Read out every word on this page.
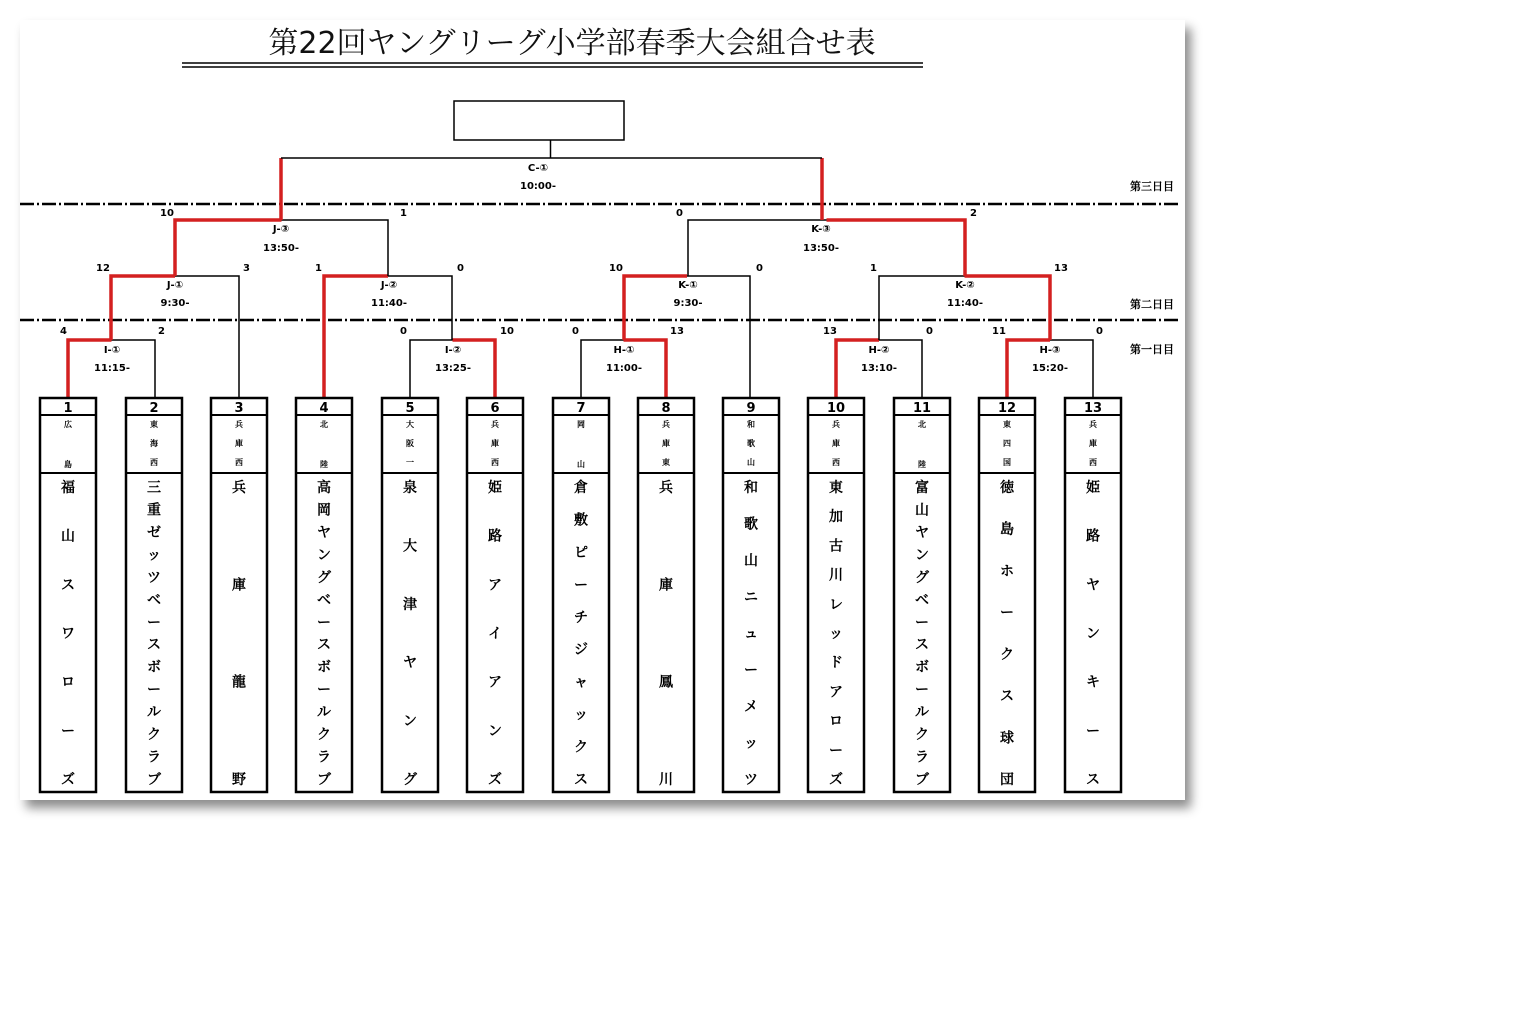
第22回ヤングリーグ小学部春季大会組合せ表
第三日目
第二日目
第一日目
I-①
11:15-
I-②
13:25-
H-①
11:00-
H-②
13:10-
H-③
15:20-
J-①
9:30-
J-②
11:40-
K-①
9:30-
K-②
11:40-
J-③
13:50-
K-③
13:50-
C-①
10:00-
4	2	0	10	0	13	13	0	11	0
12	3	1	0	10	0	1	13
10	1	0	2
1
広
島
福
山
ス
ワ
ロ
ー
ズ
2
東
海
西
三
重
ゼ
ッ
ツ
ベ
ー
ス
ボ
ー
ル
ク
ラ
ブ
3
兵
庫
西
兵
庫
龍
野
4
北
陸
高
岡
ヤ
ン
グ
ベ
ー
ス
ボ
ー
ル
ク
ラ
ブ
5
大
阪
一
泉
大
津
ヤ
ン
グ
6
兵
庫
西
姫
路
ア
イ
ア
ン
ズ
7
岡
山
倉
敷
ピ
ー
チ
ジ
ャ
ッ
ク
ス
8
兵
庫
東
兵
庫
鳳
川
9
和
歌
山
和
歌
山
ニ
ュ
ー
メ
ッ
ツ
10
兵
庫
西
東
加
古
川
レ
ッ
ド
ア
ロ
ー
ズ
11
北
陸
富
山
ヤ
ン
グ
ベ
ー
ス
ボ
ー
ル
ク
ラ
ブ
12
東
四
国
徳
島
ホ
ー
ク
ス
球
団
13
兵
庫
西
姫
路
ヤ
ン
キ
ー
ス
